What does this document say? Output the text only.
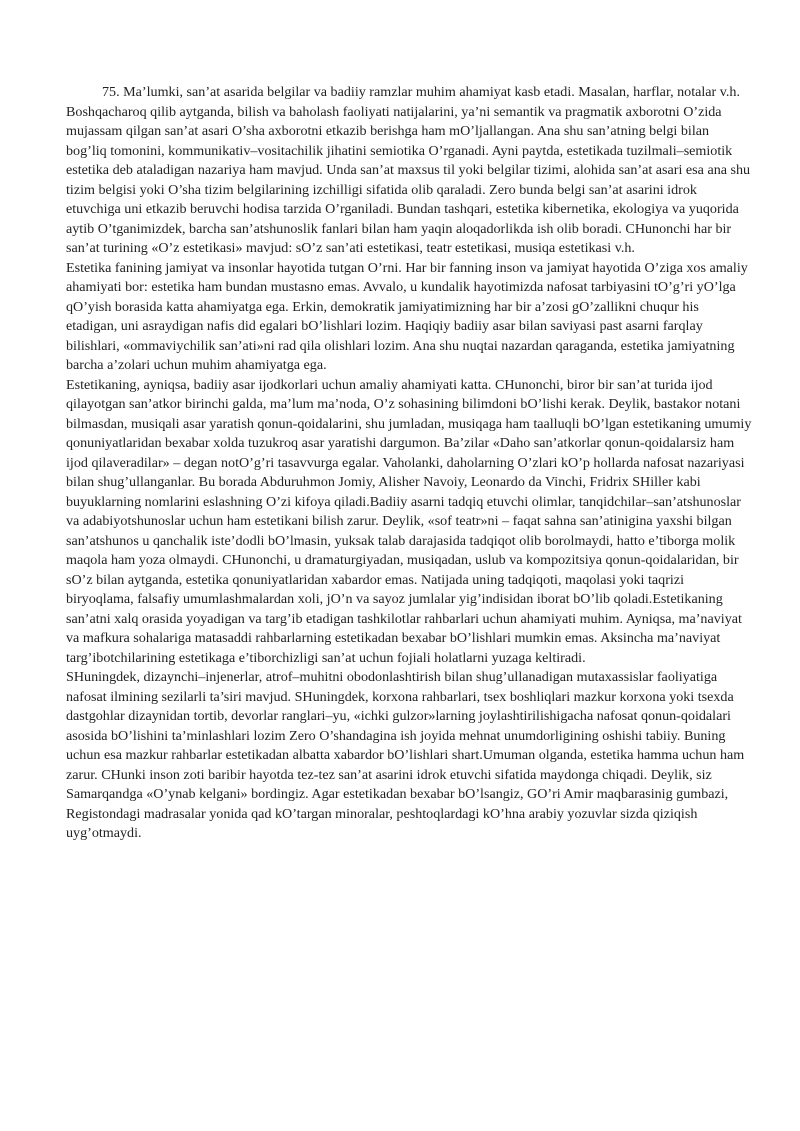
75. Ma’lumki, san’at asarida belgilar va badiiy ramzlar muhim ahamiyat kasb etadi. Masalan, harflar, notalar v.h. Boshqacharoq qilib aytganda, bilish va baholash faoliyati natijalarini, ya’ni semantik va pragmatik axborotni O’zida mujassam qilgan san’at asari O’sha axborotni etkazib berishga ham mO’ljallangan. Ana shu san’atning belgi bilan bog’liq tomonini, kommunikativ–vositachilik jihatini semiotika O’rganadi. Ayni paytda, estetikada tuzilmali–semiotik estetika deb ataladigan nazariya ham mavjud. Unda san’at maxsus til yoki belgilar tizimi, alohida san’at asari esa ana shu tizim belgisi yoki O’sha tizim belgilarining izchilligi sifatida olib qaraladi. Zero bunda belgi san’at asarini idrok etuvchiga uni etkazib beruvchi hodisa tarzida O’rganiladi. Bundan tashqari, estetika kibernetika, ekologiya va yuqorida aytib O’tganimizdek, barcha san’atshunoslik fanlari bilan ham yaqin aloqadorlikda ish olib boradi. CHunonchi har bir san’at turining «O’z estetikasi» mavjud: sO’z san’ati estetikasi, teatr estetikasi, musiqa estetikasi v.h.

Estetika fanining jamiyat va insonlar hayotida tutgan O’rni. Har bir fanning inson va jamiyat hayotida O’ziga xos amaliy ahamiyati bor: estetika ham bundan mustasno emas. Avvalo, u kundalik hayotimizda nafosat tarbiyasini tO’g’ri yO’lga qO’yish borasida katta ahamiyatga ega. Erkin, demokratik jamiyatimizning har bir a’zosi gO’zallikni chuqur his etadigan, uni asraydigan nafis did egalari bO’lishlari lozim. Haqiqiy badiiy asar bilan saviyasi past asarni farqlay bilishlari, «ommaviychilik san’ati»ni rad qila olishlari lozim. Ana shu nuqtai nazardan qaraganda, estetika jamiyatning barcha a’zolari uchun muhim ahamiyatga ega.

Estetikaning, ayniqsa, badiiy asar ijodkorlari uchun amaliy ahamiyati katta. CHunonchi, biror bir san’at turida ijod qilayotgan san’atkor birinchi galda, ma’lum ma’noda, O’z sohasining bilimdoni bO’lishi kerak. Deylik, bastakor notani bilmasdan, musiqali asar yaratish qonun-qoidalarini, shu jumladan, musiqaga ham taalluqli bO’lgan estetikaning umumiy qonuniyatlaridan bexabar xolda tuzukroq asar yaratishi dargumon. Ba’zilar «Daho san’atkorlar qonun-qoidalarsiz ham ijod qilaveradilar» – degan notO’g’ri tasavvurga egalar. Vaholanki, daholarning O’zlari kO’p hollarda nafosat nazariyasi bilan shug’ullanganlar. Bu borada Abduruhmon Jomiy, Alisher Navoiy, Leonardo da Vinchi, Fridrix SHiller kabi buyuklarning nomlarini eslashning O’zi kifoya qiladi.Badiiy asarni tadqiq etuvchi olimlar, tanqidchilar–san’atshunoslar va adabiyotshunoslar uchun ham estetikani bilish zarur. Deylik, «sof teatr»ni – faqat sahna san’atinigina yaxshi bilgan san’atshunos u qanchalik iste’dodli bO’lmasin, yuksak talab darajasida tadqiqot olib borolmaydi, hatto e’tiborga molik maqola ham yoza olmaydi. CHunonchi, u dramaturgiyadan, musiqadan, uslub va kompozitsiya qonun-qoidalaridan, bir sO’z bilan aytganda, estetika qonuniyatlaridan xabardor emas. Natijada uning tadqiqoti, maqolasi yoki taqrizi biryoqlama, falsafiy umumlashmalardan xoli, jO’n va sayoz jumlalar yig’indisidan iborat bO’lib qoladi.Estetikaning san’atni xalq orasida yoyadigan va targ’ib etadigan tashkilotlar rahbarlari uchun ahamiyati muhim. Ayniqsa, ma’naviyat va mafkura sohalariga matasaddi rahbarlarning estetikadan bexabar bO’lishlari mumkin emas. Aksincha ma’naviyat targ’ibotchilarining estetikaga e’tiborchizligi san’at uchun fojiali holatlarni yuzaga keltiradi.

SHuningdek, dizaynchi–injenerlar, atrof–muhitni obodonlashtirish bilan shug’ullanadigan mutaxassislar faoliyatiga nafosat ilmining sezilarli ta’siri mavjud. SHuningdek, korxona rahbarlari, tsex boshliqlari mazkur korxona yoki tsexda dastgohlar dizaynidan tortib, devorlar ranglari–yu, «ichki gulzor»larning joylashtirilishigacha nafosat qonun-qoidalari asosida bO’lishini ta’minlashlari lozim Zero O’shandagina ish joyida mehnat unumdorligining oshishi tabiiy. Buning uchun esa mazkur rahbarlar estetikadan albatta xabardor bO’lishlari shart.Umuman olganda, estetika hamma uchun ham zarur. CHunki inson zoti baribir hayotda tez-tez san’at asarini idrok etuvchi sifatida maydonga chiqadi. Deylik, siz Samarqandga «O’ynab kelgani» bordingiz. Agar estetikadan bexabar bO’lsangiz, GO’ri Amir maqbarasinig gumbazi, Registondagi madrasalar yonida qad kO’targan minoralar, peshtoqlardagi kO’hna arabiy yozuvlar sizda qiziqish uyg’otmaydi.
